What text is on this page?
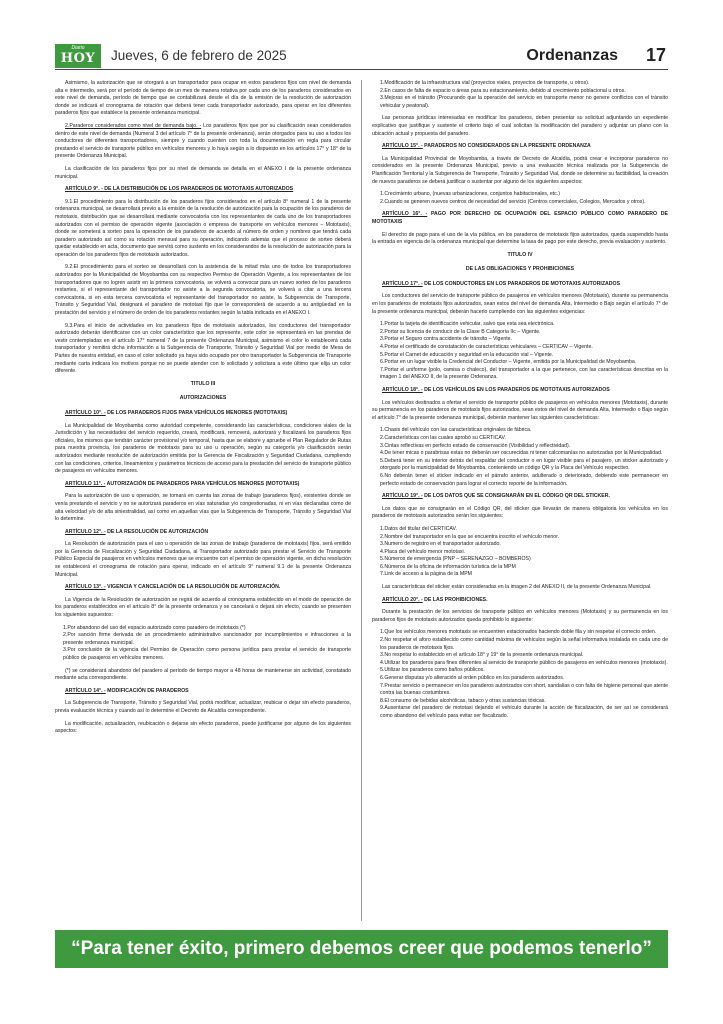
Diario
HOY	Jueves, 6 de febrero de 2025	Ordenanzas 17

Asimismo, la autorización que se otorgará a un transportador para ocupar en estos paraderos fijos con nivel de demanda alta e intermedio, será por el período de tiempo de un mes de manera rotativa por cada uno de los paraderos considerados en este nivel de demanda, período de tiempo que se contabilizará desde el día de la emisión de la resolución de autorización donde se indicará el cronograma de rotación que deberá tener cada transportador autorizado, para operar en los diferentes paraderos fijos que establece la presente ordenanza municipal.

2.Paraderos considerados como nivel de demanda bajo. - Los paraderos fijos que por su clasificación sean considerados dentro de este nivel de demanda (Numeral 3 del artículo 7° de la presente ordenanza), serán otorgados para su uso a todos los conductores de diferentes transportadores, siempre y cuando cuenten con toda la documentación en regla para circular prestando el servicio de transporte público en vehículos menores y lo haya según a lo dispuesto en los artículos 17° y 18° de la presente Ordenanza Municipal.

La clasificación de los paraderos fijos por su nivel de demanda se detalla en el ANEXO I de la presente ordenanza municipal.

ARTÍCULO 9°. - DE LA DISTRIBUCIÓN DE LOS PARADEROS DE MOTOTAXIS AUTORIZADOS

9.1.El procedimiento para la distribución de los paraderos fijos considerados en el artículo 8° numeral 1 de la presente ordenanza municipal, se desarrollará previo a la emisión de la resolución de autorización para la ocupación de los paraderos de mototaxis, distribución que se desarrollará mediante convocatoria con los representantes de cada uno de los transportadores autorizados con el permiso de operación vigente (asociación o empresa de transporte en vehículos menores – Mototaxis), donde se someterá a sorteo para la operación de los paraderos de acuerdo al número de orden y nombres que tendrá cada paradero autorizado así como su rotación mensual para su operación, indicando además que el proceso de sorteo deberá quedar establecido en acta, documento que servirá como sustento en los considerandos de la resolución de autorización para la operación de los paraderos fijos de mototaxis autorizados.

9.2.El procedimiento para el sorteo se desarrollará con la asistencia de la mitad más uno de todos los transportadores autorizados por la Municipalidad de Moyobamba con su respectivo Permiso de Operación Vigente, a los representantes de los transportadores que no logren asistir en la primera convocatoria, se volverá a convocar para un nuevo sorteo de los paraderos restantes, si el representante del transportador no asiste a la segunda convocatoria, se volverá a citar a una tercera convocatoria, si en esta tercera convocatoria el representante del transportador no asiste, la Subgerencia de Transporte, Tránsito y Seguridad Vial, designará el paradero de mototaxi fijo que le corresponderá de acuerdo a su antigüedad en la prestación del servicio y el número de orden de los paraderos restantes según la tabla indicada en el ANEXO I.

9.3.Para el inicio de actividades en los paraderos fijos de mototaxis autorizados, los conductores del transportador autorizado deberán identificarse con un color característico que los represente, este color se representará en las prendas de vestir contempladas en el artículo 17° numeral 7 de la presente Ordenanza Municipal, asimismo el color lo establecerá cada transportador y remitirá dicha información a la Subgerencia de Transporte, Tránsito y Seguridad Vial por medio de Mesa de Partes de nuestra entidad, en caso el color solicitado ya haya sido ocupado por otro transportador la Subgerencia de Transporte mediante carta indicara los motivos porque no se puede atender con lo solicitado y solicitara a este último que elija un color diferente.

TITULO III

AUTORIZACIONES

ARTÍCULO 10°. - DE LOS PARADEROS FIJOS PARA VEHÍCULOS MENORES (MOTOTAXIS)

La Municipalidad de Moyobamba como autoridad competente, considerando las características, condiciones viales de la Jurisdicción y las necesidades del servicio requerido, creará, modificará, removerá, autorizará y fiscalizará los paraderos fijos oficiales, los mismos que tendrán carácter provisional y/o temporal, hasta que se elabore y apruebe el Plan Regulador de Rutas para nuestra provincia, los paraderos de mototaxis para su uso u operación, según su categoría y/o clasificación serán autorizados mediante resolución de autorización emitida por la Gerencia de Fiscalización y Seguridad Ciudadana, cumpliendo con las condiciones, criterios, lineamientos y parámetros técnicos de acceso para la prestación del servicio de transporte público de pasajeros en vehículos menores.

ARTÍCULO 11°. - AUTORIZACIÓN DE PARADEROS PARA VEHÍCULOS MENORES (MOTOTAXIS)

Para la autorización de uso u operación, se tomará en cuenta las zonas de trabajo (paraderos fijos), existentes donde se venía prestando el servicio y no se autorizará paraderos en vías saturadas y/o congestionadas, ni en vías declaradas como de alta velocidad y/o de alta siniestralidad, así como en aquellas vías que la Subgerencia de Transporte, Tránsito y Seguridad Vial lo determine.

ARTÍCULO 12°. - DE LA RESOLUCIÓN DE AUTORIZACIÓN

La Resolución de autorización para el uso u operación de las zonas de trabajo (paraderos de mototaxis) fijos, será emitido por la Gerencia de Fiscalización y Seguridad Ciudadana, al Transportador autorizado para prestar el Servicio de Transporte Público Especial de pasajeros en vehículos menores que se encuentre con el permiso de operación vigente, en dicha resolución se establecerá el cronograma de rotación para operar, indicado en el artículo 9° numeral 9.1 de la presente Ordenanza Municipal.

ARTÍCULO 13°. - VIGENCIA Y CANCELACIÓN DE LA RESOLUCIÓN DE AUTORIZACIÓN.

La Vigencia de la Resolución de autorización se regirá de acuerdo al cronograma establecido en el modo de operación de los paraderos establecidos en el artículo 8° de la presente ordenanza y se cancelará o dejará sin efecto, cuando se presenten los siguientes supuestos:

1.Por abandono del uso del espacio autorizado como paradero de mototaxis (*)

2.Por sanción firme derivada de un procedimiento administrativo sancionador por incumplimientos e infracciones a la presente ordenanza municipal.

3.Por conclusión de la vigencia del Permiso de Operación como persona jurídica para prestar el servicio de transporte público de pasajeros en vehículos menores.

(*) se considerará abandono del paradero al período de tiempo mayor a 48 horas de mantenerse sin actividad, constatado mediante acta correspondiente.

ARTÍCULO 14°. - MODIFICACIÓN DE PARADEROS

La Subgerencia de Transporte, Tránsito y Seguridad Vial, podrá modificar, actualizar, reubicar o dejar sin efecto paraderos, previa evaluación técnica y cuando así lo determine el Decreto de Alcaldía correspondiente.

La modificación, actualización, reubicación o dejarse sin efecto paraderos, puede justificarse por alguno de los siguientes aspectos:

1.Modificación de la infraestructura vial (proyectos viales, proyectos de transporte, u otros).

2.En casos de falta de espacio o áreas para su estacionamiento, debido al crecimiento poblacional u otros.

3.Mejoras en el tránsito (Procurando que la operación del servicio en transporte menor no genere conflictos con el tránsito vehicular y peatonal).

Las personas jurídicas interesadas en modificar los paraderos, deben presentar su solicitud adjuntando un expediente explicativo que justifique y sustente el criterio bajo el cual solicitan la modificación del paradero y adjuntar un plano con la ubicación actual y propuesta del paradero.

ARTÍCULO 15°. - PARADEROS NO CONSIDERADOS EN LA PRESENTE ORDENANZA

La Municipalidad Provincial de Moyobamba, a través de Decreto de Alcaldía, podrá crear e incorporar paraderos no considerados en la presente Ordenanza Municipal, previo a una evaluación técnica realizada por la Subgerencia de Planificación Territorial y la Subgerencia de Transporte, Tránsito y Seguridad Vial, donde se determine su factibilidad, la creación de nuevos paraderos se deberá justificar o sustentar por alguno de los siguientes aspectos:

1.Crecimiento urbano, (nuevas urbanizaciones, conjuntos habitacionales, etc.)

2.Cuando se generen nuevos centros de necesidad del servicio (Centros comerciales, Colegios, Mercados y otros).

ARTÍCULO 16°. - PAGO POR DERECHO DE OCUPACIÓN DEL ESPACIO PÚBLICO COMO PARADERO DE MOTOTAXIS

El derecho de pago para el uso de la vía pública, en los paraderos de mototaxis fijos autorizados, queda suspendido hasta la entrada en vigencia de la ordenanza municipal que determine la tasa de pago por este derecho, previa evaluación y sustento.

TITULO IV

DE LAS OBLIGACIONES Y PROHIBICIONES

ARTÍCULO 17°. - DE LOS CONDUCTORES EN LOS PARADEROS DE MOTOTAXIS AUTORIZADOS

Los conductores del servicio de transporte público de pasajeros en vehículos menores (Mototaxis), durante su permanencia en los paraderos de mototaxis fijos autorizados, sean estos del nivel de demanda Alta, Intermedio o Bajo según el artículo 7° de la presente ordenanza municipal, deberán hacerlo cumpliendo con las siguientes exigencias:

1.Portar la tarjeta de identificación vehicular, salvo que esta sea electrónica.

2.Portar su licencia de conducir de la Clase B Categoría IIc – Vigente.

3.Portar el Seguro contra accidente de tránsito – Vigente.

4.Portar el certificado de constatación de características vehiculares – CERTICAV – Vigente.

5.Portar el Carnet de educación y seguridad en la educación vial – Vigente.

6.Portar en un lugar visible la Credencial del Conductor – Vigente, emitida por la Municipalidad de Moyobamba.

7.Portar el uniforme (polo, camisa o chaleco), del transportador a la que pertenece, con las características descritas en la imagen 1 del ANEXO II, de la presente Ordenanza.

ARTÍCULO 18°. - DE LOS VEHÍCULOS EN LOS PARADEROS DE MOTOTAXIS AUTORIZADOS

Los vehículos destinados a ofertar el servicio de transporte público de pasajeros en vehículos menores (Mototaxis), durante su permanencia en los paraderos de mototaxis fijos autorizados, sean estos del nivel de demanda Alta, Intermedio o Bajo según el artículo 7° de la presente ordenanza municipal, deberán mantener las siguientes características:

1.Chasis del vehículo con las características originales de fábrica.

2.Características con las cuales aprobó su CERTICAV.

3.Cintas reflectivas en perfecto estado de conservación (Visibilidad y reflectividad).

4.De tener micas o parabrisas estas no deberán ser oscurecidas ni tener calcomanías no autorizadas por la Municipalidad.

5.Deberá tener en su interior detrás del respaldar del conductor o en lugar visible para el pasajero, un sticker autorizado y otorgado por la municipalidad de Moyobamba, conteniendo un código QR y la Placa del Vehículo respectivo.

6.No deberán tener el sticker indicado en el párrafo anterior, adulterado o deteriorado, debiendo este permanecer en perfecto estado de conservación para lograr el correcto reporte de la información.

ARTÍCULO 19°. - DE LOS DATOS QUE SE CONSIGNARÁN EN EL CÓDIGO QR DEL STICKER.

Los datos que se consignarán en el Código QR, del sticker que llevarán de manera obligatoria los vehículos en los paraderos de mototaxis autorizados serán los siguientes:

1.Datos del titular del CERTICAV.

2.Nombre del transportador en la que se encuentra inscrito el vehículo menor.

3.Numero de registro en el transportador autorizado.

4.Placa del vehículo menor mototaxi.

5.Números de emergencia (PNP – SERENAZGO – BOMBEROS)

6.Números de la oficina de información turística de la MPM

7.Link de acceso a la página de la MPM

Las características del sticker están consideradas en la imagen 2 del ANEXO II, de la presente Ordenanza Municipal.

ARTÍCULO 20°. - DE LAS PROHIBICIONES.

Durante la prestación de los servicios de transporte público en vehículos menores (Mototaxis) y su permanencia en los paraderos fijos de mototaxis autorizados queda prohibido lo siguiente:

1.Que los vehículos menores mototaxis se encuentren estacionados haciendo doble fila y sin respetar el correcto orden.

2.No respetar el aforo establecido como cantidad máxima de vehículos según la señal informativa instalada en cada uno de los paraderos de mototaxis fijos.

3.No respetar lo establecido en el artículo 18° y 19° de la presente ordenanza municipal.

4.Utilizar los paraderos para fines diferentes al servicio de transporte público de pasajeros en vehículos menores (mototaxis).

5.Utilizar los paraderos como baños públicos.

6.Generar disputas y/o alteración al orden público en los paraderos autorizados.

7.Prestar servicio o permanecer en los paraderos autorizados con short, sandalias o con falta de higiene personal que atente contra las buenas costumbres.

8.El consumo de bebidas alcohólicas, tabaco y otras sustancias tóxicas.

9.Ausentarse del paradero de mototaxi dejando el vehículo durante la acción de fiscalización, de ser así se considerará como abandono del vehículo para evitar ser fiscalizado.

“Para tener éxito, primero debemos creer que podemos tenerlo”
